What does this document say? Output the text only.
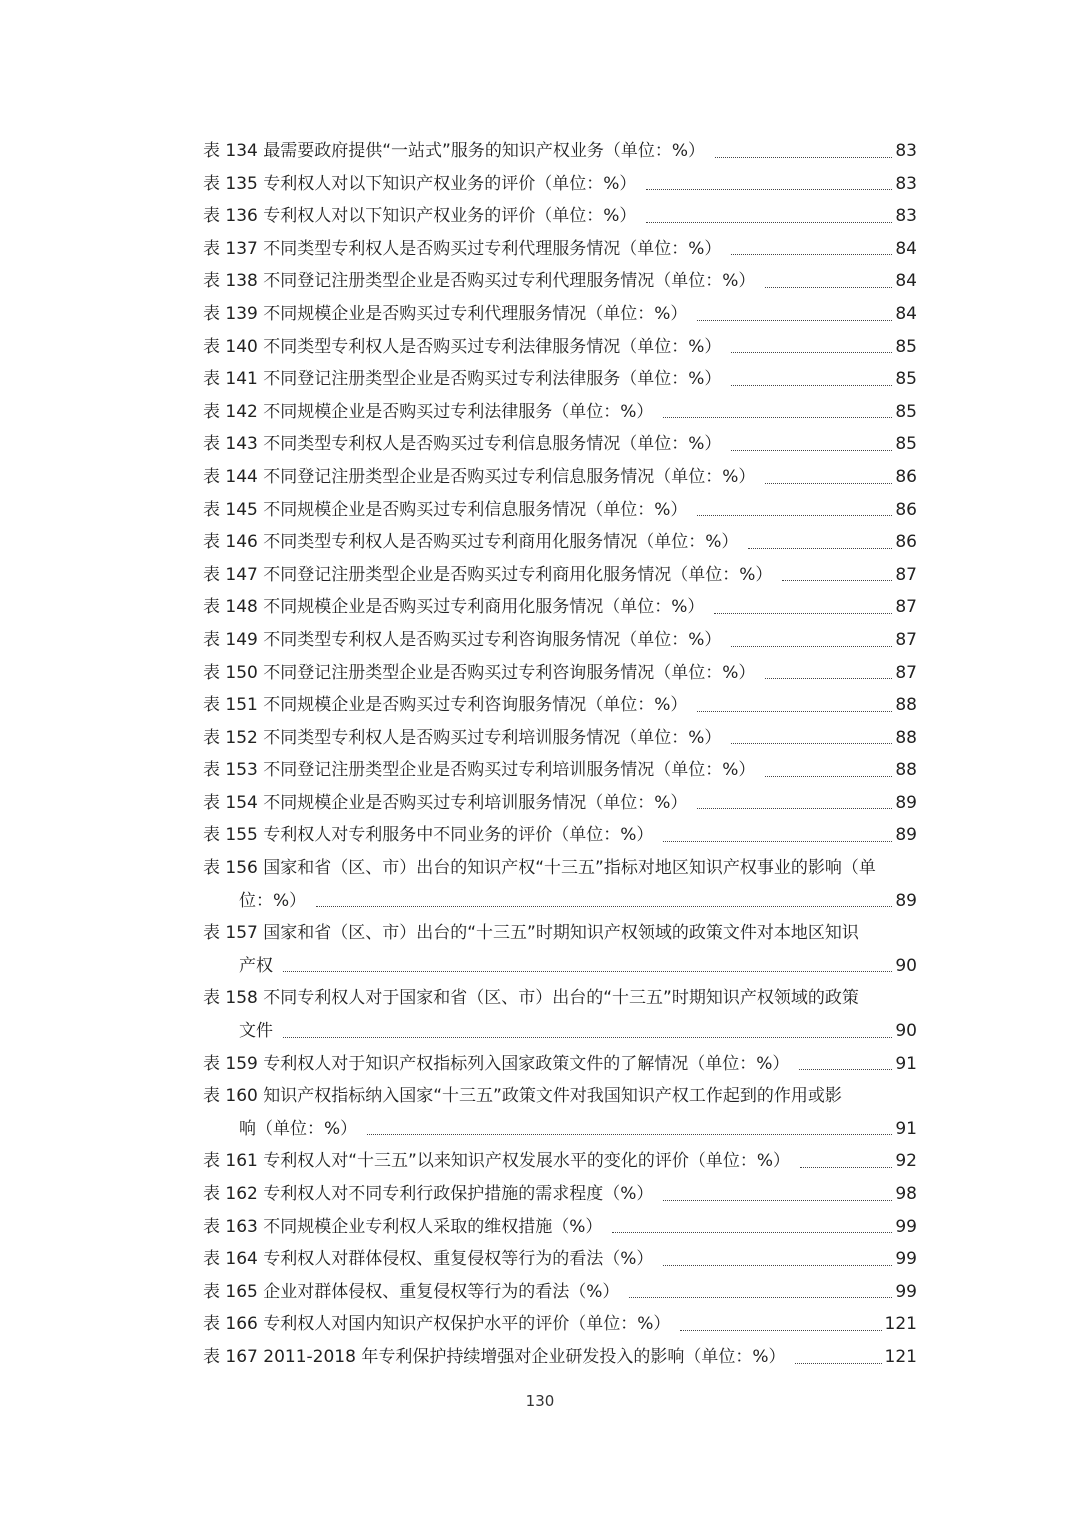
表 134 最需要政府提供“一站式”服务的知识产权业务（单位：%）	83
表 135 专利权人对以下知识产权业务的评价（单位：%）	83
表 136 专利权人对以下知识产权业务的评价（单位：%）	83
表 137 不同类型专利权人是否购买过专利代理服务情况（单位：%）	84
表 138 不同登记注册类型企业是否购买过专利代理服务情况（单位：%）	84
表 139 不同规模企业是否购买过专利代理服务情况（单位：%）	84
表 140 不同类型专利权人是否购买过专利法律服务情况（单位：%）	85
表 141 不同登记注册类型企业是否购买过专利法律服务（单位：%）	85
表 142 不同规模企业是否购买过专利法律服务（单位：%）	85
表 143 不同类型专利权人是否购买过专利信息服务情况（单位：%）	85
表 144 不同登记注册类型企业是否购买过专利信息服务情况（单位：%）	86
表 145 不同规模企业是否购买过专利信息服务情况（单位：%）	86
表 146 不同类型专利权人是否购买过专利商用化服务情况（单位：%）	86
表 147 不同登记注册类型企业是否购买过专利商用化服务情况（单位：%）	87
表 148 不同规模企业是否购买过专利商用化服务情况（单位：%）	87
表 149 不同类型专利权人是否购买过专利咨询服务情况（单位：%）	87
表 150 不同登记注册类型企业是否购买过专利咨询服务情况（单位：%）	87
表 151 不同规模企业是否购买过专利咨询服务情况（单位：%）	88
表 152 不同类型专利权人是否购买过专利培训服务情况（单位：%）	88
表 153 不同登记注册类型企业是否购买过专利培训服务情况（单位：%）	88
表 154 不同规模企业是否购买过专利培训服务情况（单位：%）	89
表 155 专利权人对专利服务中不同业务的评价（单位：%）	89
表 156 国家和省（区、市）出台的知识产权“十三五”指标对地区知识产权事业的影响（单
位：%）	89
表 157 国家和省（区、市）出台的“十三五”时期知识产权领域的政策文件对本地区知识
产权	90
表 158 不同专利权人对于国家和省（区、市）出台的“十三五”时期知识产权领域的政策
文件	90
表 159 专利权人对于知识产权指标列入国家政策文件的了解情况（单位：%）	91
表 160 知识产权指标纳入国家“十三五”政策文件对我国知识产权工作起到的作用或影
响（单位：%）	91
表 161 专利权人对“十三五”以来知识产权发展水平的变化的评价（单位：%）	92
表 162 专利权人对不同专利行政保护措施的需求程度（%）	98
表 163 不同规模企业专利权人采取的维权措施（%）	99
表 164 专利权人对群体侵权、重复侵权等行为的看法（%）	99
表 165 企业对群体侵权、重复侵权等行为的看法（%）	99
表 166 专利权人对国内知识产权保护水平的评价（单位：%）	121
表 167 2011-2018 年专利保护持续增强对企业研发投入的影响（单位：%）	121
130
